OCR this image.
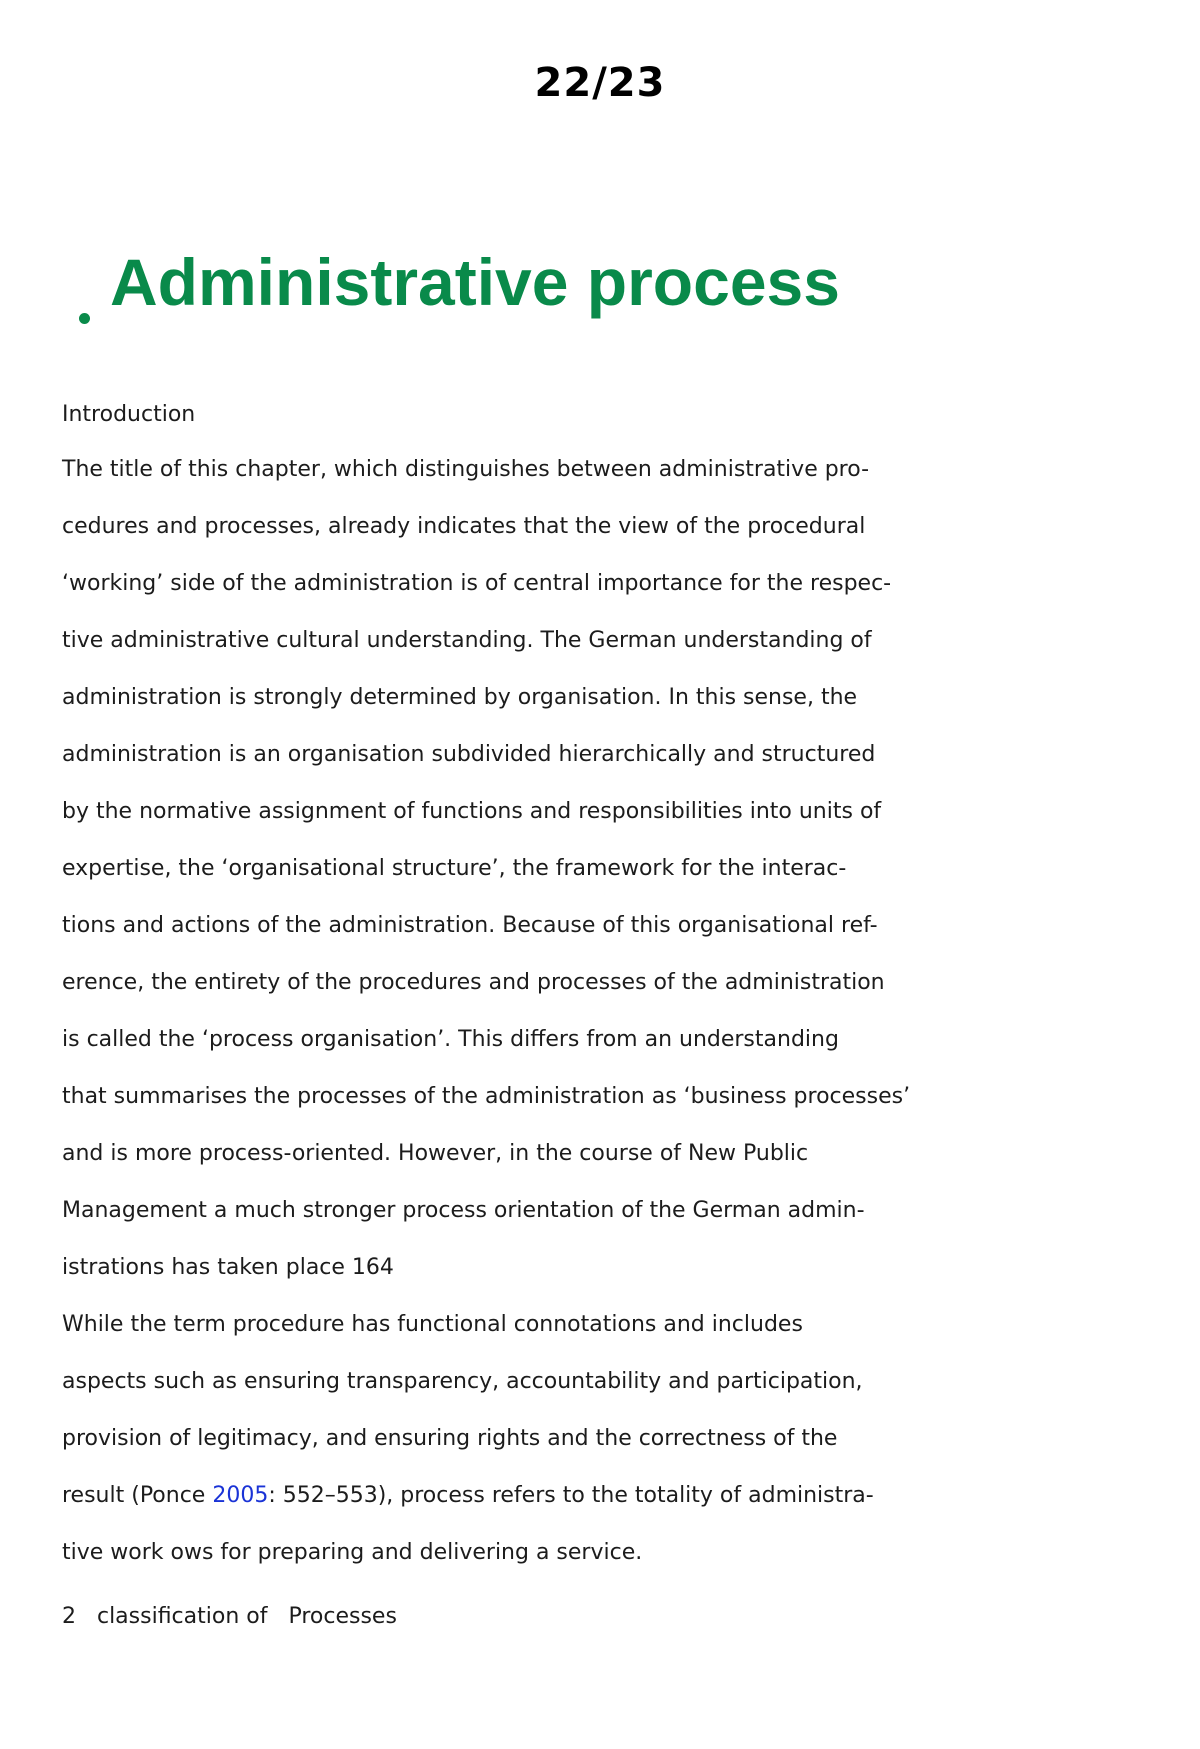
22/23
Administrative process
Introduction
The title of this chapter, which distinguishes between administrative pro-
cedures and processes, already indicates that the view of the procedural
‘working’ side of the administration is of central importance for the respec-
tive administrative cultural understanding. The German understanding of
administration is strongly determined by organisation. In this sense, the
administration is an organisation subdivided hierarchically and structured
by the normative assignment of functions and responsibilities into units of
expertise, the ‘organisational structure’, the framework for the interac-
tions and actions of the administration. Because of this organisational ref-
erence, the entirety of the procedures and processes of the administration
is called the ‘process organisation’. This differs from an understanding
that summarises the processes of the administration as ‘business processes’
and is more process-oriented. However, in the course of New Public
Management a much stronger process orientation of the German admin-
istrations has taken place 164
While the term procedure has functional connotations and includes
aspects such as ensuring transparency, accountability and participation,
provision of legitimacy, and ensuring rights and the correctness of the
result (Ponce 2005: 552–553), process refers to the totality of administra-
tive work ows for preparing and delivering a service.
2   classification of   Processes
